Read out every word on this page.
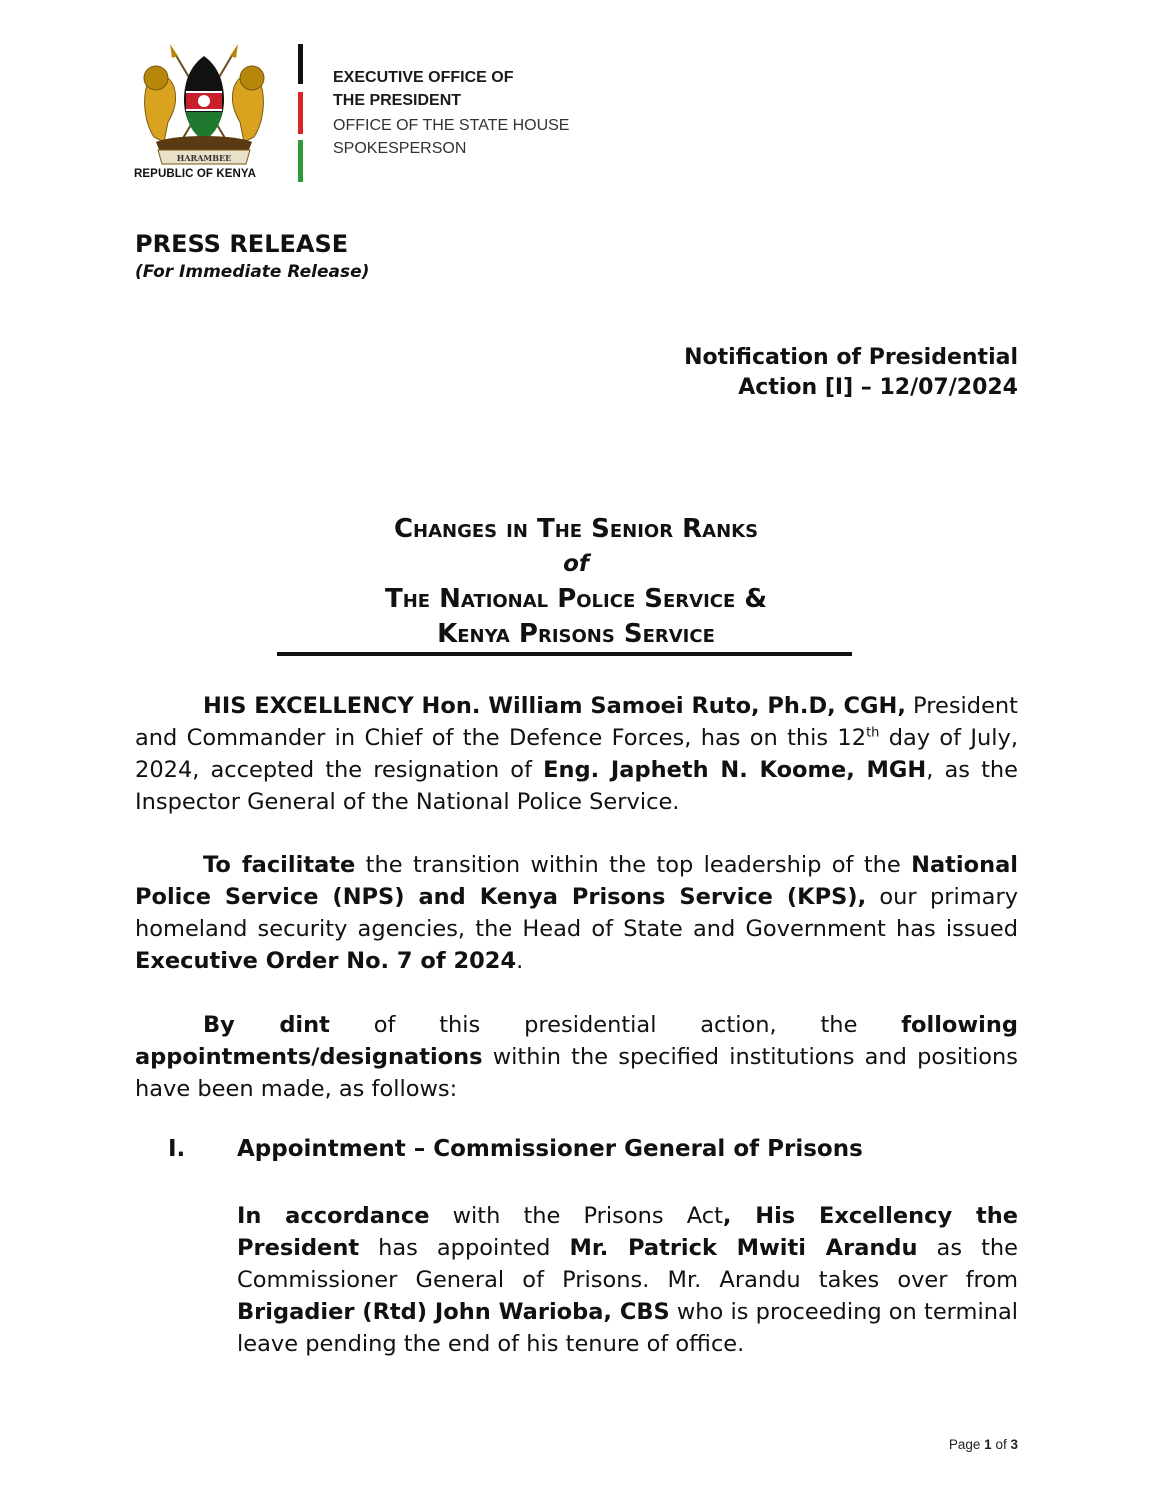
HARAMBEE
REPUBLIC OF KENYA
EXECUTIVE OFFICE OF
THE PRESIDENT
OFFICE OF THE STATE HOUSE
SPOKESPERSON
PRESS RELEASE
(For Immediate Release)
Notification of Presidential
Action [I] – 12/07/2024
Changes in The Senior Ranks
of
The National Police Service &
Kenya Prisons Service
HIS EXCELLENCY Hon. William Samoei Ruto, Ph.D, CGH, President and Commander in Chief of the Defence Forces, has on this 12th day of July, 2024, accepted the resignation of Eng. Japheth N. Koome, MGH, as the Inspector General of the National Police Service.
To facilitate the transition within the top leadership of the National Police Service (NPS) and Kenya Prisons Service (KPS), our primary homeland security agencies, the Head of State and Government has issued Executive Order No. 7 of 2024.
By dint of this presidential action, the following appointments/designations within the specified institutions and positions have been made, as follows:
I. Appointment – Commissioner General of Prisons
In accordance with the Prisons Act, His Excellency the President has appointed Mr. Patrick Mwiti Arandu as the Commissioner General of Prisons. Mr. Arandu takes over from Brigadier (Rtd) John Warioba, CBS who is proceeding on terminal leave pending the end of his tenure of office.
Page 1 of 3
